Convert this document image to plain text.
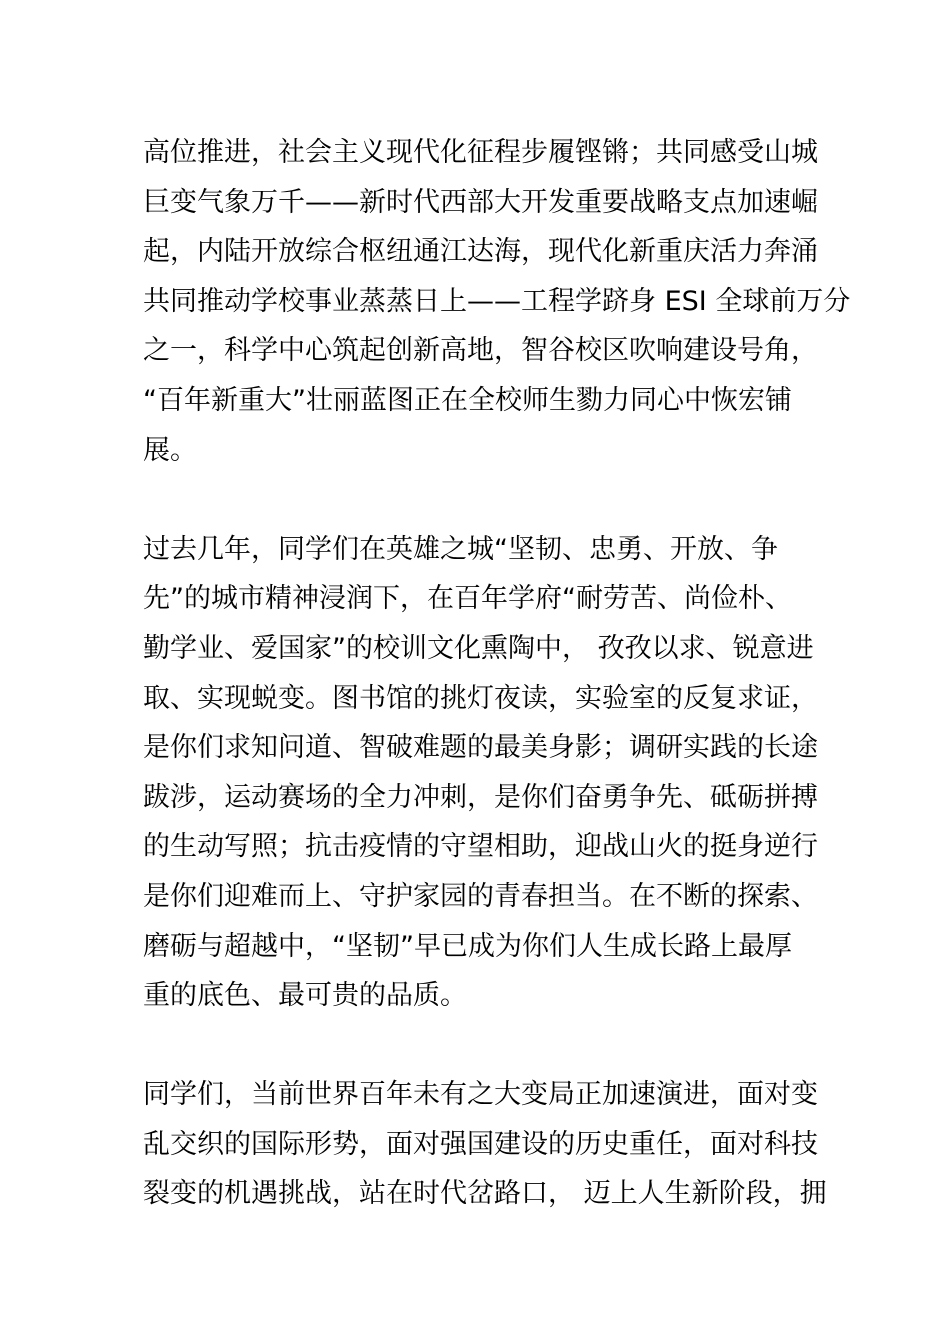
高位推进，社会主义现代化征程步履铿锵；共同感受山城
巨变气象万千——新时代西部大开发重要战略支点加速崛
起，内陆开放综合枢纽通江达海，现代化新重庆活力奔涌
共同推动学校事业蒸蒸日上——工程学跻身 ESI 全球前万分
之一，科学中心筑起创新高地，智谷校区吹响建设号角，
“百年新重大”壮丽蓝图正在全校师生勠力同心中恢宏铺
展。
过去几年，同学们在英雄之城“坚韧、忠勇、开放、争
先”的城市精神浸润下，在百年学府“耐劳苦、尚俭朴、
勤学业、爱国家”的校训文化熏陶中， 孜孜以求、锐意进
取、实现蜕变。图书馆的挑灯夜读，实验室的反复求证，
是你们求知问道、智破难题的最美身影；调研实践的长途
跋涉，运动赛场的全力冲刺，是你们奋勇争先、砥砺拼搏
的生动写照；抗击疫情的守望相助，迎战山火的挺身逆行
是你们迎难而上、守护家园的青春担当。在不断的探索、
磨砺与超越中，“坚韧”早已成为你们人生成长路上最厚
重的底色、最可贵的品质。
同学们，当前世界百年未有之大变局正加速演进，面对变
乱交织的国际形势，面对强国建设的历史重任，面对科技
裂变的机遇挑战，站在时代岔路口， 迈上人生新阶段，拥
